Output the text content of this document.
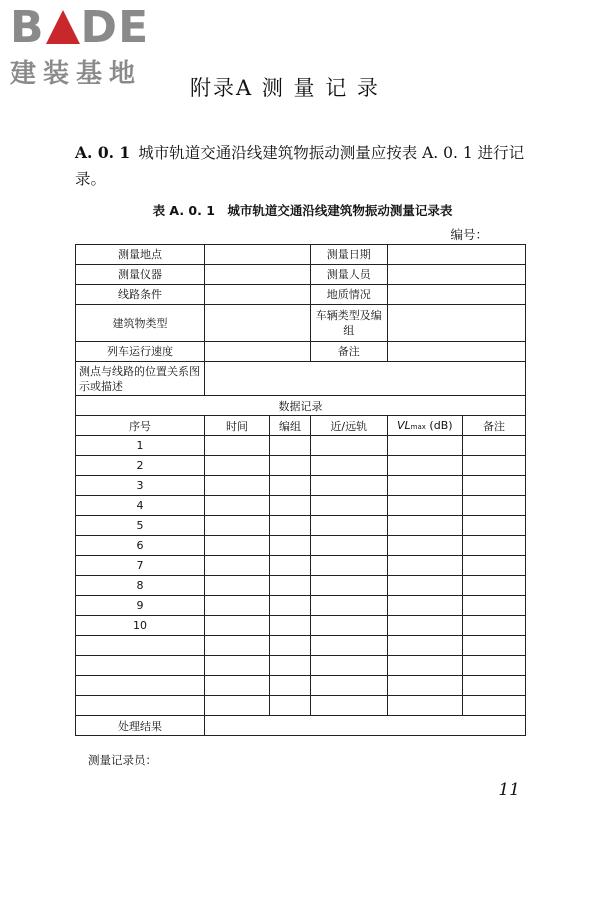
B D E
建装基地	附录A 测 量 记 录
A. 0. 1 城市轨道交通沿线建筑物振动测量应按表 A. 0. 1 进行记录。
表 A. 0. 1　城市轨道交通沿线建筑物振动测量记录表
编号：
测量地点			测量日期		
测量仪器			测量人员		
线路条件			地质情况		
建筑物类型			车辆类型及编组		
列车运行速度			备注		
测点与线路的位置关系图示或描述					
数据记录					
序号	时间	编组	近/远轨	VLmax (dB)	备注
1					
2					
3					
4					
5					
6					
7					
8					
9					
10					

处理结果					
测量记录员：
11
